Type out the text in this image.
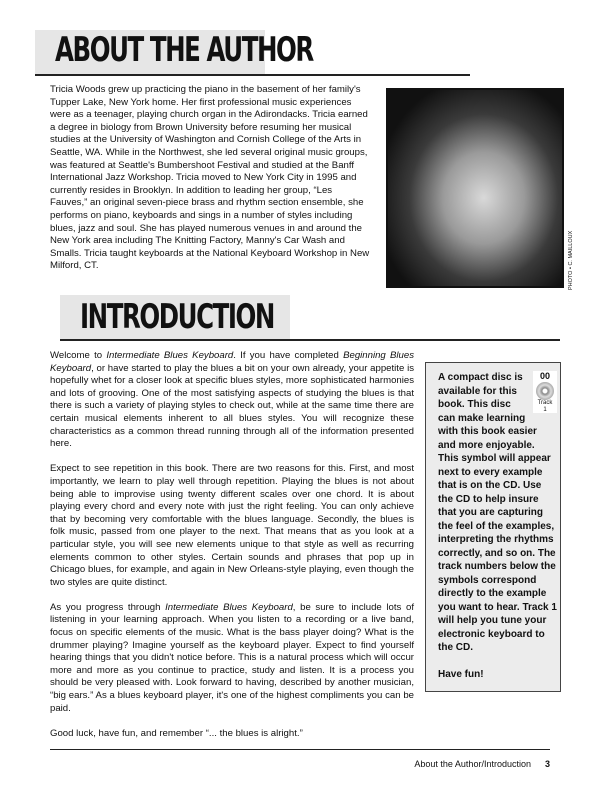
ABOUT THE AUTHOR
Tricia Woods grew up practicing the piano in the basement of her family's Tupper Lake, New York home. Her first professional music experiences were as a teenager, playing church organ in the Adirondacks. Tricia earned a degree in biology from Brown University before resuming her musical studies at the University of Washington and Cornish College of the Arts in Seattle, WA. While in the Northwest, she led several original music groups, was featured at Seattle's Bumbershoot Festival and studied at the Banff International Jazz Workshop. Tricia moved to New York City in 1995 and currently resides in Brooklyn. In addition to leading her group, “Les Fauves,” an original seven-piece brass and rhythm section ensemble, she performs on piano, keyboards and sings in a number of styles including blues, jazz and soul. She has played numerous venues in and around the New York area including The Knitting Factory, Manny's Car Wash and Smalls. Tricia taught keyboards at the National Keyboard Workshop in New Milford, CT.	PHOTO • C. MAILLOUX
INTRODUCTION

Welcome to Intermediate Blues Keyboard. If you have completed Beginning Blues Keyboard, or have started to play the blues a bit on your own already, your appetite is hopefully whet for a closer look at specific blues styles, more sophisticated harmonies and lots of grooving. One of the most satisfying aspects of studying the blues is that there is such a variety of playing styles to check out, while at the same time there are certain musical elements inherent to all blues styles. You will recognize these characteristics as a common thread running through all of the information presented here.

Expect to see repetition in this book. There are two reasons for this. First, and most importantly, we learn to play well through repetition. Playing the blues is not about being able to improvise using twenty different scales over one chord. It is about playing every chord and every note with just the right feeling. You can only achieve that by becoming very comfortable with the blues language. Secondly, the blues is folk music, passed from one player to the next. That means that as you look at a particular style, you will see new elements unique to that style as well as recurring elements common to other styles. Certain sounds and phrases that pop up in Chicago blues, for example, and again in New Orleans-style playing, even though the two styles are quite distinct.

As you progress through Intermediate Blues Keyboard, be sure to include lots of listening in your learning approach. When you listen to a recording or a live band, focus on specific elements of the music. What is the bass player doing? What is the drummer playing? Imagine yourself as the keyboard player. Expect to find yourself hearing things that you didn't notice before. This is a natural process which will occur more and more as you continue to practice, study and listen. It is a process you should be very pleased with. Look forward to having, described by another musician, “big ears.” As a blues keyboard player, it's one of the highest compliments you can be paid.

Good luck, have fun, and remember “... the blues is alright.”

00
Track
1
A compact disc is available for this book. This disc can make learning with this book easier and more enjoyable. This symbol will appear next to every example that is on the CD. Use the CD to help insure that you are capturing the feel of the examples, interpreting the rhythms correctly, and so on. The track numbers below the symbols correspond directly to the example you want to hear. Track 1 will help you tune your electronic keyboard to the CD.
Have fun!
About the Author/Introduction 3
